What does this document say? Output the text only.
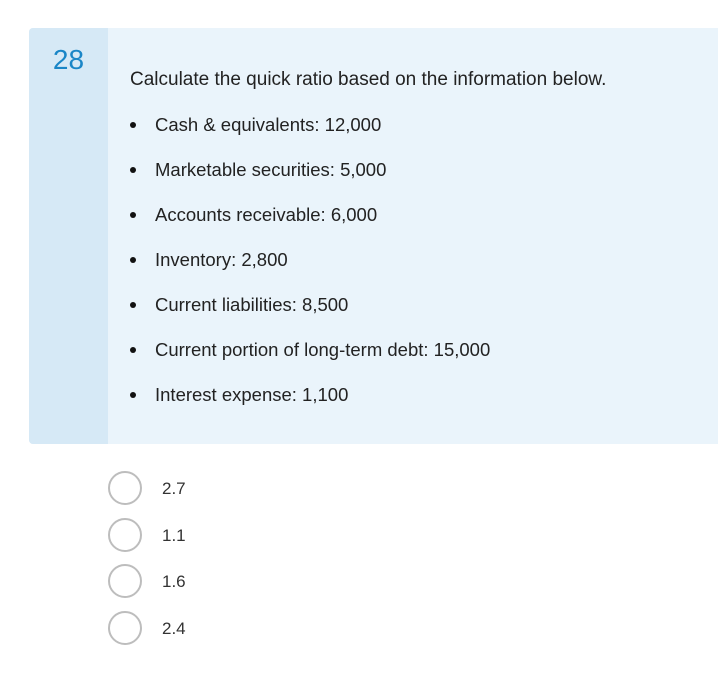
28

Calculate the quick ratio based on the information below.

Cash & equivalents: 12,000
Marketable securities: 5,000
Accounts receivable: 6,000
Inventory: 2,800
Current liabilities: 8,500
Current portion of long-term debt: 15,000
Interest expense: 1,100
2.7
1.1
1.6
2.4
